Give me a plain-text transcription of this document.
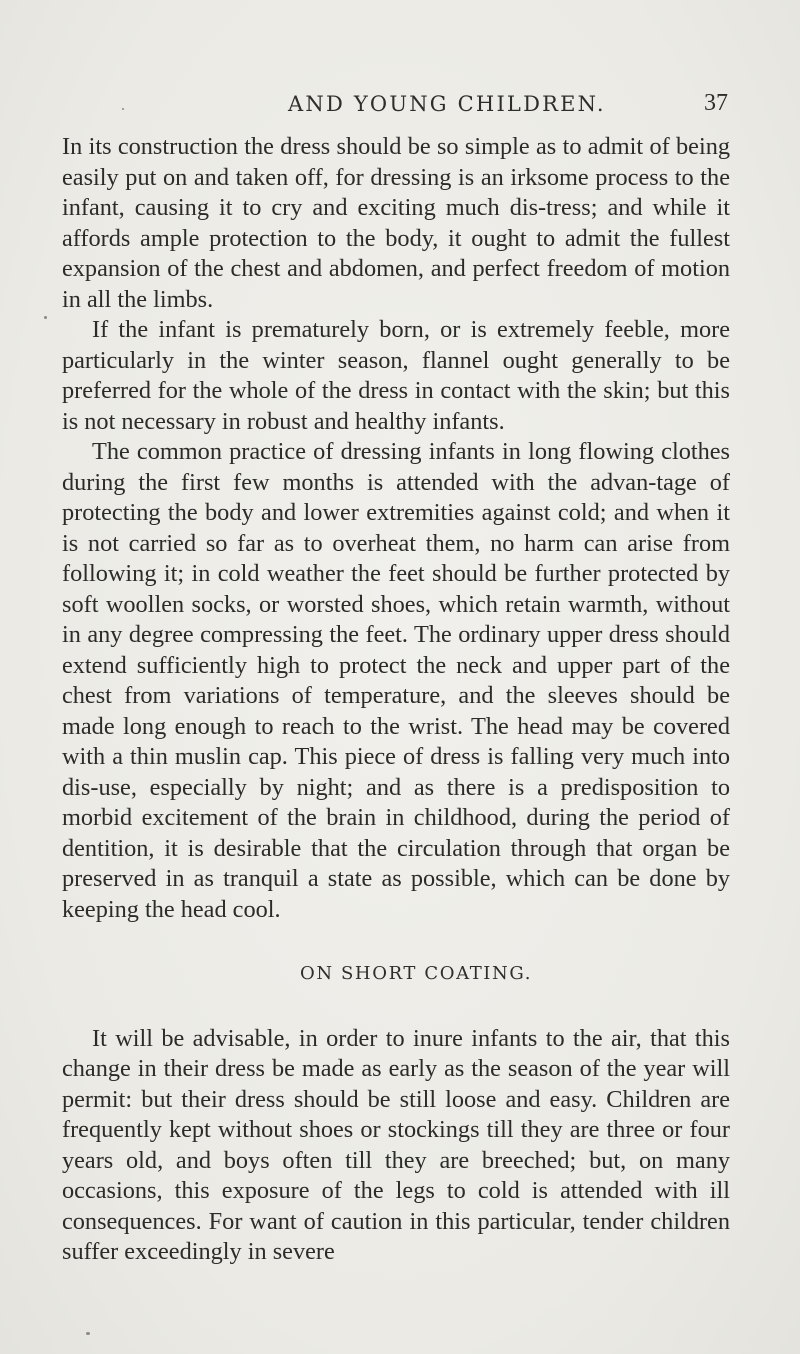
AND YOUNG CHILDREN.	37

In its construction the dress should be so simple as to admit of being easily put on and taken off, for dressing is an irksome process to the infant, causing it to cry and exciting much dis-tress; and while it affords ample protection to the body, it ought to admit the fullest expansion of the chest and abdomen, and perfect freedom of motion in all the limbs.

If the infant is prematurely born, or is extremely feeble, more particularly in the winter season, flannel ought generally to be preferred for the whole of the dress in contact with the skin; but this is not necessary in robust and healthy infants.

The common practice of dressing infants in long flowing clothes during the first few months is attended with the advan-tage of protecting the body and lower extremities against cold; and when it is not carried so far as to overheat them, no harm can arise from following it; in cold weather the feet should be further protected by soft woollen socks, or worsted shoes, which retain warmth, without in any degree compressing the feet. The ordinary upper dress should extend sufficiently high to protect the neck and upper part of the chest from variations of temperature, and the sleeves should be made long enough to reach to the wrist. The head may be covered with a thin muslin cap. This piece of dress is falling very much into dis-use, especially by night; and as there is a predisposition to morbid excitement of the brain in childhood, during the period of dentition, it is desirable that the circulation through that organ be preserved in as tranquil a state as possible, which can be done by keeping the head cool.

ON SHORT COATING.

It will be advisable, in order to inure infants to the air, that this change in their dress be made as early as the season of the year will permit: but their dress should be still loose and easy. Children are frequently kept without shoes or stockings till they are three or four years old, and boys often till they are breeched; but, on many occasions, this exposure of the legs to cold is attended with ill consequences. For want of caution in this particular, tender children suffer exceedingly in severe
